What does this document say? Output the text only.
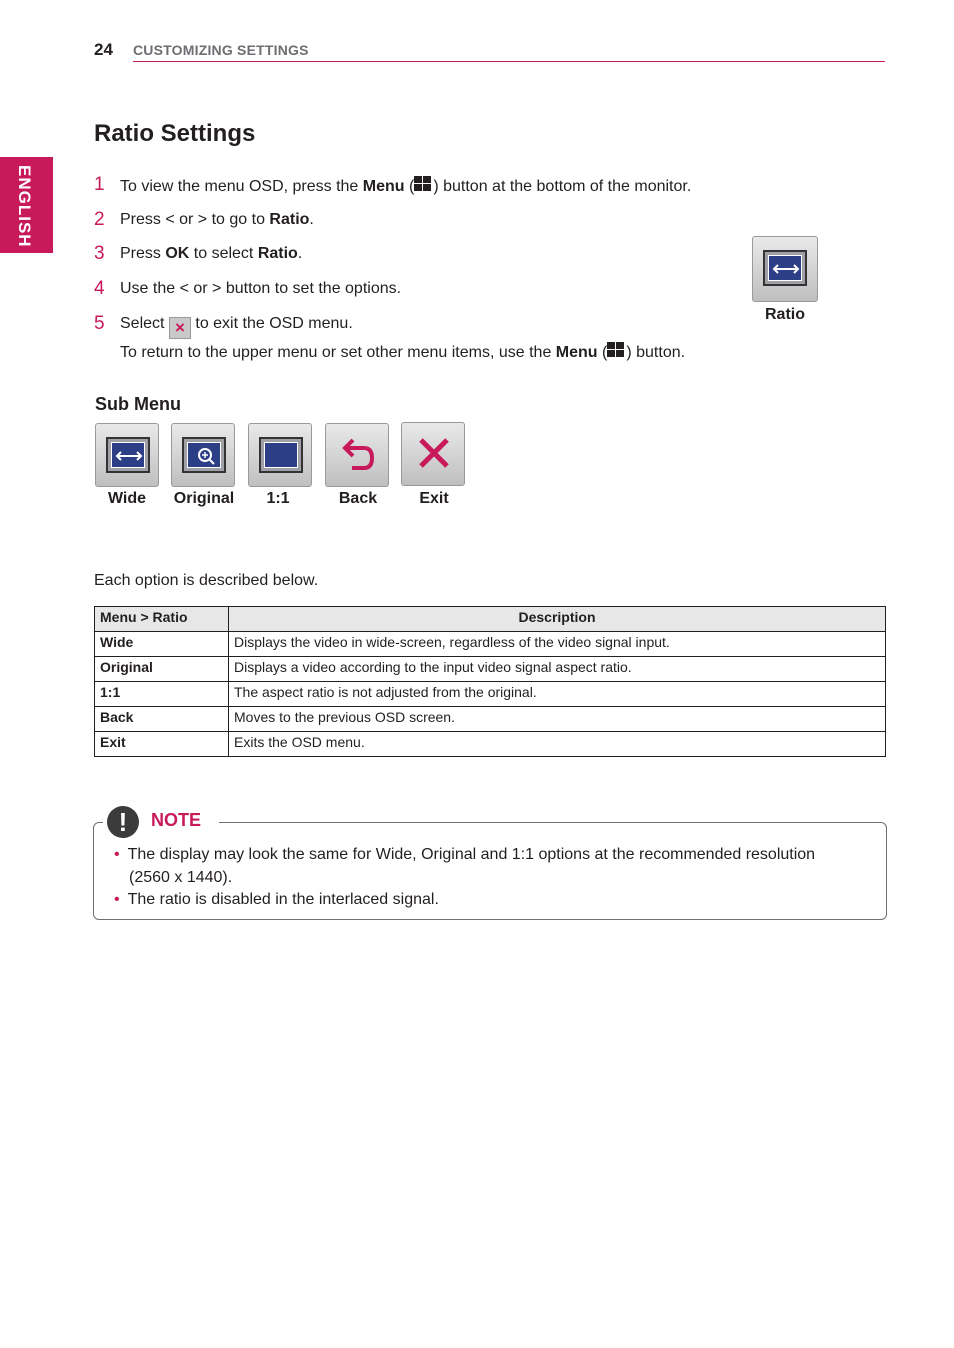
24 CUSTOMIZING SETTINGS
ENGLISH
Ratio Settings
1 To view the menu OSD, press the Menu ( ) button at the bottom of the monitor.
2 Press < or > to go to Ratio.
3 Press OK to select Ratio.
4 Use the < or > button to set the options.
5 Select × to exit the OSD menu.
To return to the upper menu or set other menu items, use the Menu ( ) button.
Ratio
Sub Menu
Wide	Original	1:1	Back	Exit
Each option is described below.
Menu > Ratio	Description
Wide	Displays the video in wide-screen, regardless of the video signal input.
Original	Displays a video according to the input video signal aspect ratio.
1:1	The aspect ratio is not adjusted from the original.
Back	Moves to the previous OSD screen.
Exit	Exits the OSD menu.
!	NOTE
• The display may look the same for Wide, Original and 1:1 options at the recommended resolution
(2560 x 1440).
• The ratio is disabled in the interlaced signal.
